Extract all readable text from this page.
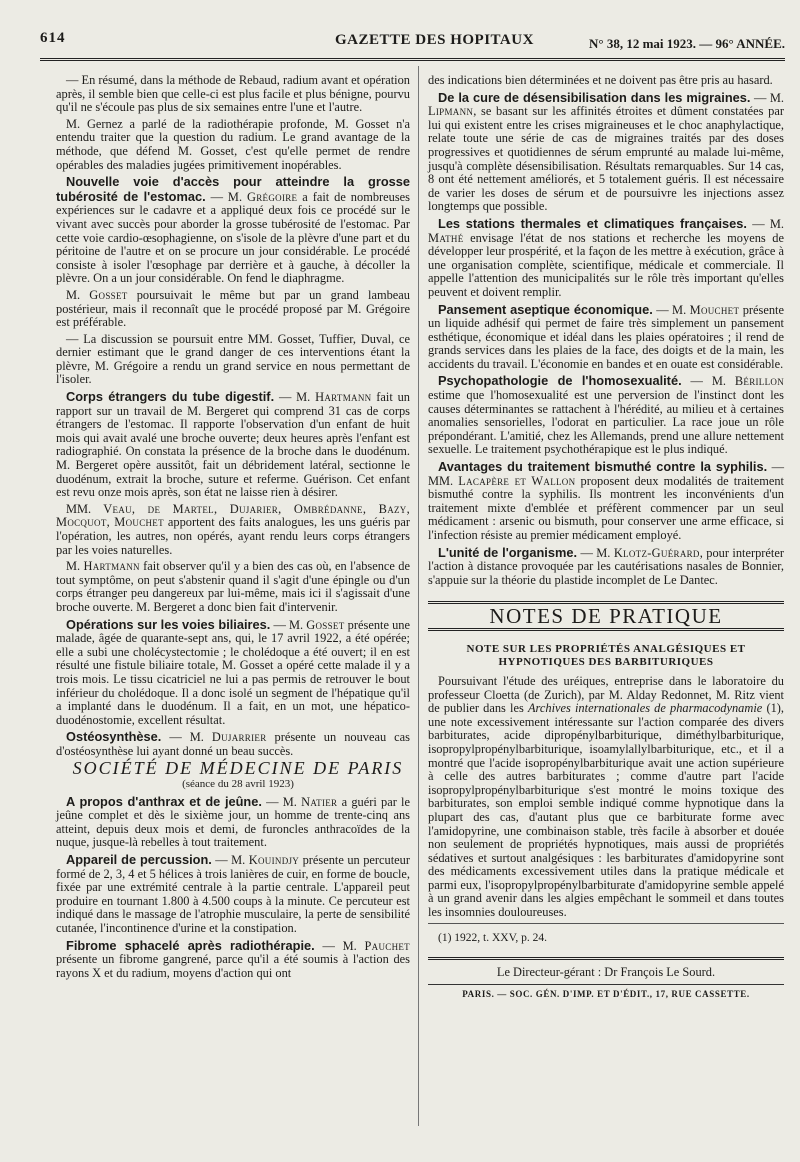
614	GAZETTE DES HOPITAUX	N° 38, 12 mai 1923. — 96° ANNÉE.

— En résumé, dans la méthode de Rebaud, radium avant et opération après, il semble bien que celle-ci est plus facile et plus bénigne, pourvu qu'il ne s'écoule pas plus de six semaines entre l'une et l'autre.

M. Gernez a parlé de la radiothérapie profonde, M. Gosset n'a entendu traiter que la question du radium. Le grand avantage de la méthode, que défend M. Gosset, c'est qu'elle permet de rendre opérables des maladies jugées primitivement inopérables.

Nouvelle voie d'accès pour atteindre la grosse tubérosité de l'estomac. — M. Grégoire a fait de nombreuses expériences sur le cadavre et a appliqué deux fois ce procédé sur le vivant avec succès pour aborder la grosse tubérosité de l'estomac. Par cette voie cardio-œsophagienne, on s'isole de la plèvre d'une part et du péritoine de l'autre et on se procure un jour considérable. Le procédé consiste à isoler l'œsophage par derrière et à gauche, à décoller la plèvre. On a un jour considérable. On fend le diaphragme.

M. Gosset poursuivait le même but par un grand lambeau postérieur, mais il reconnaît que le procédé proposé par M. Grégoire est préférable.

— La discussion se poursuit entre MM. Gosset, Tuffier, Duval, ce dernier estimant que le grand danger de ces interventions étant la plèvre, M. Grégoire a rendu un grand service en nous permettant de l'isoler.

Corps étrangers du tube digestif. — M. Hartmann fait un rapport sur un travail de M. Bergeret qui comprend 31 cas de corps étrangers de l'estomac. Il rapporte l'observation d'un enfant de huit mois qui avait avalé une broche ouverte; deux heures après l'enfant est radiographié. On constata la présence de la broche dans le duodénum. M. Bergeret opère aussitôt, fait un débridement latéral, sectionne le duodénum, extrait la broche, suture et referme. Guérison. Cet enfant est revu onze mois après, son état ne laisse rien à désirer.

MM. Veau, de Martel, Dujarier, Ombrédanne, Bazy, Mocquot, Mouchet apportent des faits analogues, les uns guéris par l'opération, les autres, non opérés, ayant rendu leurs corps étrangers par les voies naturelles.

M. Hartmann fait observer qu'il y a bien des cas où, en l'absence de tout symptôme, on peut s'abstenir quand il s'agit d'une épingle ou d'un corps étranger peu dangereux par lui-même, mais ici il s'agissait d'une broche ouverte. M. Bergeret a donc bien fait d'intervenir.

Opérations sur les voies biliaires. — M. Gosset présente une malade, âgée de quarante-sept ans, qui, le 17 avril 1922, a été opérée; elle a subi une cholécystectomie ; le cholédoque a été ouvert; il en est résulté une fistule biliaire totale, M. Gosset a opéré cette malade il y a trois mois. Le tissu cicatriciel ne lui a pas permis de retrouver le bout inférieur du cholédoque. Il a donc isolé un segment de l'hépatique qu'il a implanté dans le duodénum. Il a fait, en un mot, une hépatico-duodénostomie, excellent résultat.

Ostéosynthèse. — M. Dujarrier présente un nouveau cas d'ostéosynthèse lui ayant donné un beau succès.

SOCIÉTÉ DE MÉDECINE DE PARIS

(séance du 28 avril 1923)

A propos d'anthrax et de jeûne. — M. Natier a guéri par le jeûne complet et dès le sixième jour, un homme de trente-cinq ans atteint, depuis deux mois et demi, de furoncles anthracoïdes de la nuque, jusque-là rebelles à tout traitement.

Appareil de percussion. — M. Kouindjy présente un percuteur formé de 2, 3, 4 et 5 hélices à trois lanières de cuir, en forme de boucle, fixée par une extrémité centrale à la partie centrale. L'appareil peut produire en tournant 1.800 à 4.500 coups à la minute. Ce percuteur est indiqué dans le massage de l'atrophie musculaire, la perte de sensibilité cutanée, l'incontinence d'urine et la constipation.

Fibrome sphacelé après radiothérapie. — M. Pauchet présente un fibrome gangrené, parce qu'il a été soumis à l'action des rayons X et du radium, moyens d'action qui ont

des indications bien déterminées et ne doivent pas être pris au hasard.

De la cure de désensibilisation dans les migraines. — M. Lipmann, se basant sur les affinités étroites et dûment constatées par lui qui existent entre les crises migraineuses et le choc anaphylactique, relate toute une série de cas de migraines traités par des doses progressives et quotidiennes de sérum emprunté au malade lui-même, jusqu'à complète désensibilisation. Résultats remarquables. Sur 14 cas, 8 ont été nettement améliorés, et 5 totalement guéris. Il est nécessaire de varier les doses de sérum et de poursuivre les injections assez longtemps que possible.

Les stations thermales et climatiques françaises. — M. Mathé envisage l'état de nos stations et recherche les moyens de développer leur prospérité, et la façon de les mettre à exécution, grâce à une organisation complète, scientifique, médicale et commerciale. Il appelle l'attention des municipalités sur le rôle très important qu'elles peuvent et doivent remplir.

Pansement aseptique économique. — M. Mouchet présente un liquide adhésif qui permet de faire très simplement un pansement esthétique, économique et idéal dans les plaies opératoires ; il rend de grands services dans les plaies de la face, des doigts et de la main, les accidents du travail. L'économie en bandes et en ouate est considérable.

Psychopathologie de l'homosexualité. — M. Bérillon estime que l'homosexualité est une perversion de l'instinct dont les causes déterminantes se rattachent à l'hérédité, au milieu et à certaines anomalies sensorielles, l'odorat en particulier. La race joue un rôle prépondérant. L'amitié, chez les Allemands, prend une allure nettement sexuelle. Le traitement psychothérapique est le plus indiqué.

Avantages du traitement bismuthé contre la syphilis. — MM. Lacapère et Wallon proposent deux modalités de traitement bismuthé contre la syphilis. Ils montrent les inconvénients d'un traitement mixte d'emblée et préfèrent commencer par un seul médicament : arsenic ou bismuth, pour conserver une arme efficace, si l'infection résiste au premier médicament employé.

L'unité de l'organisme. — M. Klotz-Guérard, pour interpréter l'action à distance provoquée par les cautérisations nasales de Bonnier, s'appuie sur la théorie du plastide incomplet de Le Dantec.

NOTES DE PRATIQUE
NOTE SUR LES PROPRIÉTÉS ANALGÉSIQUES ET HYPNOTIQUES DES BARBITURIQUES

Poursuivant l'étude des uréiques, entreprise dans le laboratoire du professeur Cloetta (de Zurich), par M. Alday Redonnet, M. Ritz vient de publier dans les Archives internationales de pharmacodynamie (1), une note excessivement intéressante sur l'action comparée des divers barbiturates, acide dipropénylbarbiturique, diméthylbarbiturique, isopropylpropénylbarbiturique, isoamylallylbarbiturique, etc., et il a montré que l'acide isopropénylbarbiturique avait une action supérieure à celle des autres barbiturates ; comme d'autre part l'acide isopropylpropénylbarbiturique s'est montré le moins toxique des barbiturates, son emploi semble indiqué comme hypnotique dans la plupart des cas, d'autant plus que ce barbiturate forme avec l'amidopyrine, une combinaison stable, très facile à absorber et douée non seulement de propriétés hypnotiques, mais aussi de propriétés sédatives et surtout analgésiques : les barbiturates d'amidopyrine sont des médicaments excessivement utiles dans la pratique médicale et parmi eux, l'isopropylpropénylbarbiturate d'amidopyrine semble appelé à un grand avenir dans les algies empêchant le sommeil et dans toutes les insomnies douloureuses.

(1) 1922, t. XXV, p. 24.

Le Directeur-gérant : Dr François Le Sourd.
PARIS. — SOC. GÉN. D'IMP. ET D'ÉDIT., 17, RUE CASSETTE.
